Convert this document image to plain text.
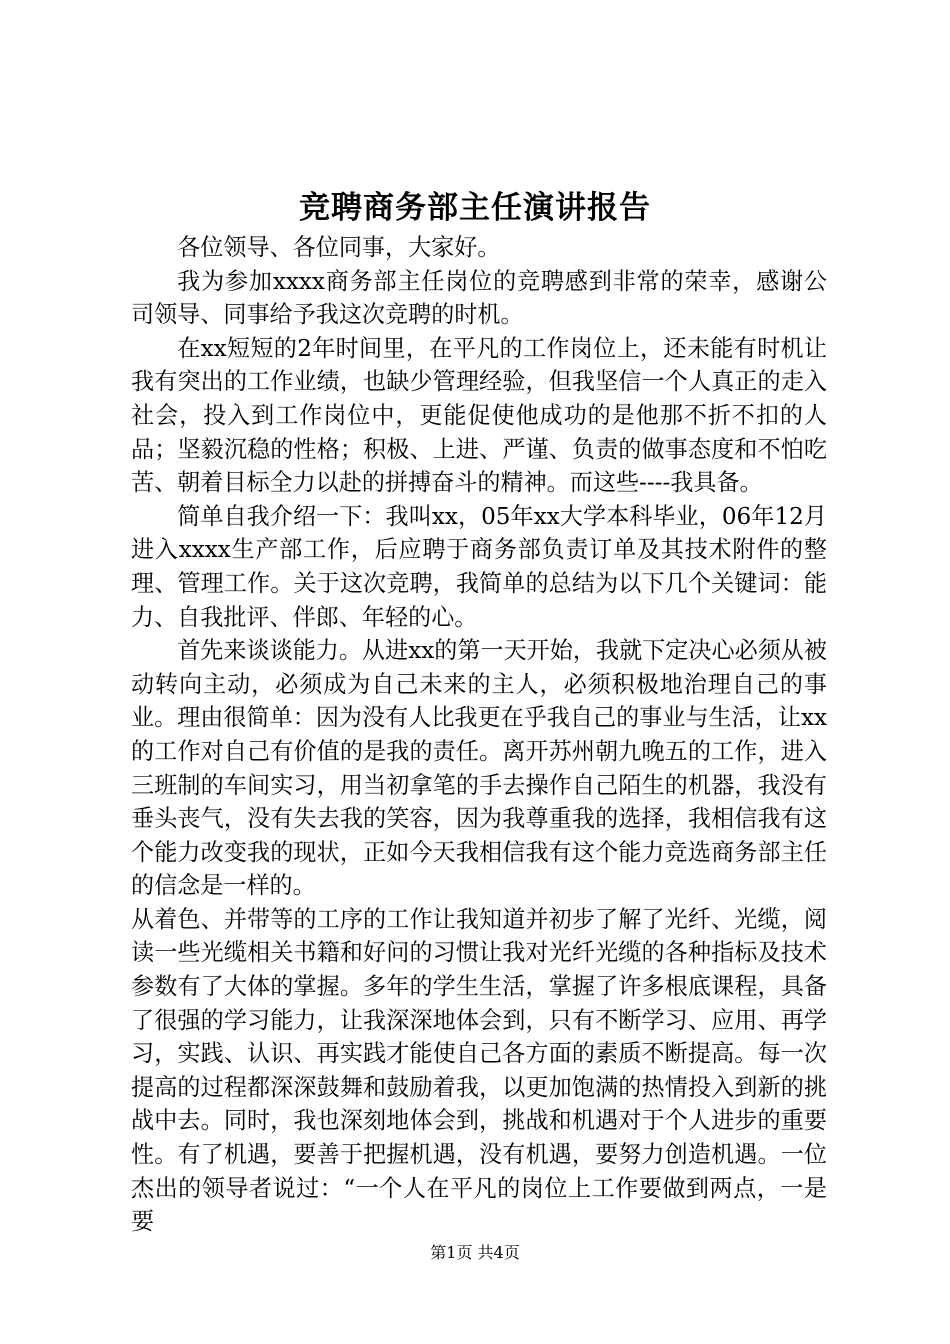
竞聘商务部主任演讲报告

各位领导、各位同事，大家好。

我为参加xxxx商务部主任岗位的竞聘感到非常的荣幸，感谢公司领导、同事给予我这次竞聘的时机。

在xx短短的2年时间里，在平凡的工作岗位上，还未能有时机让我有突出的工作业绩，也缺少管理经验，但我坚信一个人真正的走入社会，投入到工作岗位中，更能促使他成功的是他那不折不扣的人品；坚毅沉稳的性格；积极、上进、严谨、负责的做事态度和不怕吃苦、朝着目标全力以赴的拼搏奋斗的精神。而这些----我具备。

简单自我介绍一下：我叫xx，05年xx大学本科毕业，06年12月进入xxxx生产部工作，后应聘于商务部负责订单及其技术附件的整理、管理工作。关于这次竞聘，我简单的总结为以下几个关键词：能力、自我批评、伴郎、年轻的心。

首先来谈谈能力。从进xx的第一天开始，我就下定决心必须从被动转向主动，必须成为自己未来的主人，必须积极地治理自己的事业。理由很简单：因为没有人比我更在乎我自己的事业与生活，让xx的工作对自己有价值的是我的责任。离开苏州朝九晚五的工作，进入三班制的车间实习，用当初拿笔的手去操作自己陌生的机器，我没有垂头丧气，没有失去我的笑容，因为我尊重我的选择，我相信我有这个能力改变我的现状，正如今天我相信我有这个能力竞选商务部主任的信念是一样的。

从着色、并带等的工序的工作让我知道并初步了解了光纤、光缆，阅读一些光缆相关书籍和好问的习惯让我对光纤光缆的各种指标及技术参数有了大体的掌握。多年的学生生活，掌握了许多根底课程，具备了很强的学习能力，让我深深地体会到，只有不断学习、应用、再学习，实践、认识、再实践才能使自己各方面的素质不断提高。每一次提高的过程都深深鼓舞和鼓励着我，以更加饱满的热情投入到新的挑战中去。同时，我也深刻地体会到，挑战和机遇对于个人进步的重要性。有了机遇，要善于把握机遇，没有机遇，要努力创造机遇。一位杰出的领导者说过：“一个人在平凡的岗位上工作要做到两点，一是要

第1页 共4页
